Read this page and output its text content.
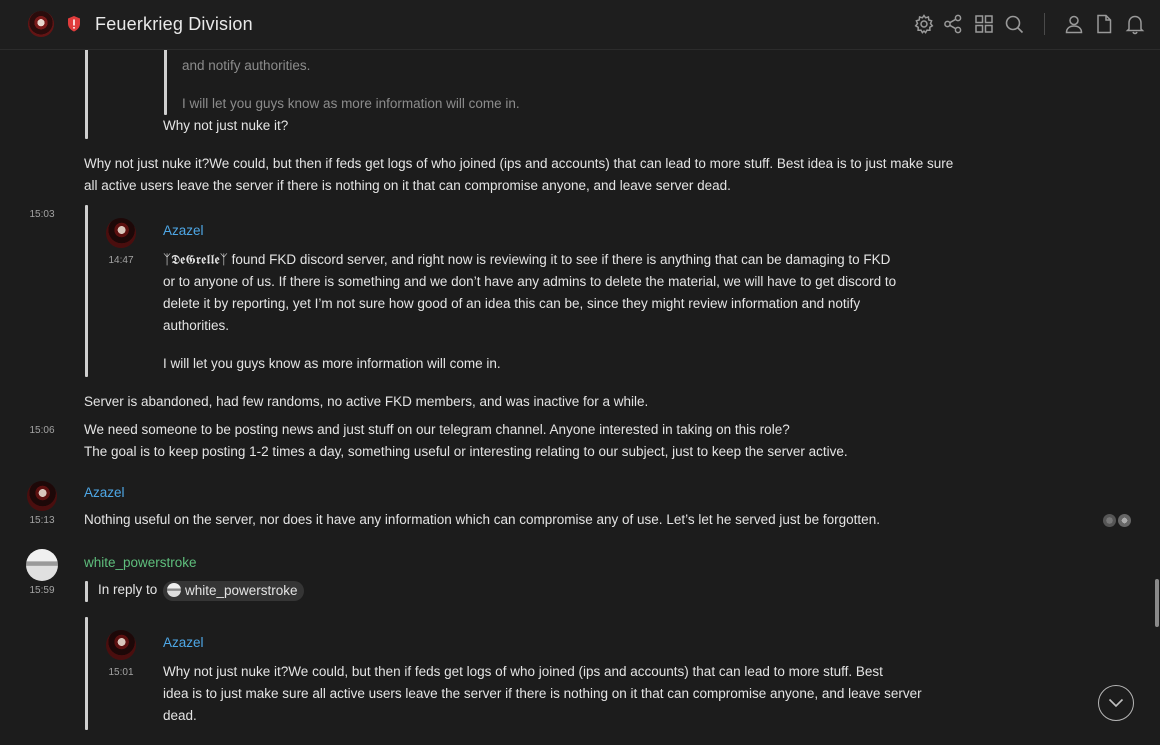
and notify authorities.
I will let you guys know as more information will come in.
Why not just nuke it?
Why not just nuke it?We could, but then if feds get logs of who joined (ips and accounts) that can lead to more stuff. Best idea is to just make sure
all active users leave the server if there is nothing on it that can compromise anyone, and leave server dead.
15:03
14:47
Azazel
ᛉ𝕯𝖊𝕲𝖗𝖊𝖑𝖑𝖊ᛉ found FKD discord server, and right now is reviewing it to see if there is anything that can be damaging to FKD
or to anyone of us. If there is something and we don’t have any admins to delete the material, we will have to get discord to
delete it by reporting, yet I’m not sure how good of an idea this can be, since they might review information and notify
authorities.
I will let you guys know as more information will come in.
Server is abandoned, had few randoms, no active FKD members, and was inactive for a while.
15:06	We need someone to be posting news and just stuff on our telegram channel. Anyone interested in taking on this role?
The goal is to keep posting 1-2 times a day, something useful or interesting relating to our subject, just to keep the server active.
Azazel
15:13	Nothing useful on the server, nor does it have any information which can compromise any of use. Let’s let he served just be forgotten.
white_powerstroke
15:59	In reply to	white_powerstroke
15:01
Azazel
Why not just nuke it?We could, but then if feds get logs of who joined (ips and accounts) that can lead to more stuff. Best
idea is to just make sure all active users leave the server if there is nothing on it that can compromise anyone, and leave server
dead.
Feuerkrieg Division
